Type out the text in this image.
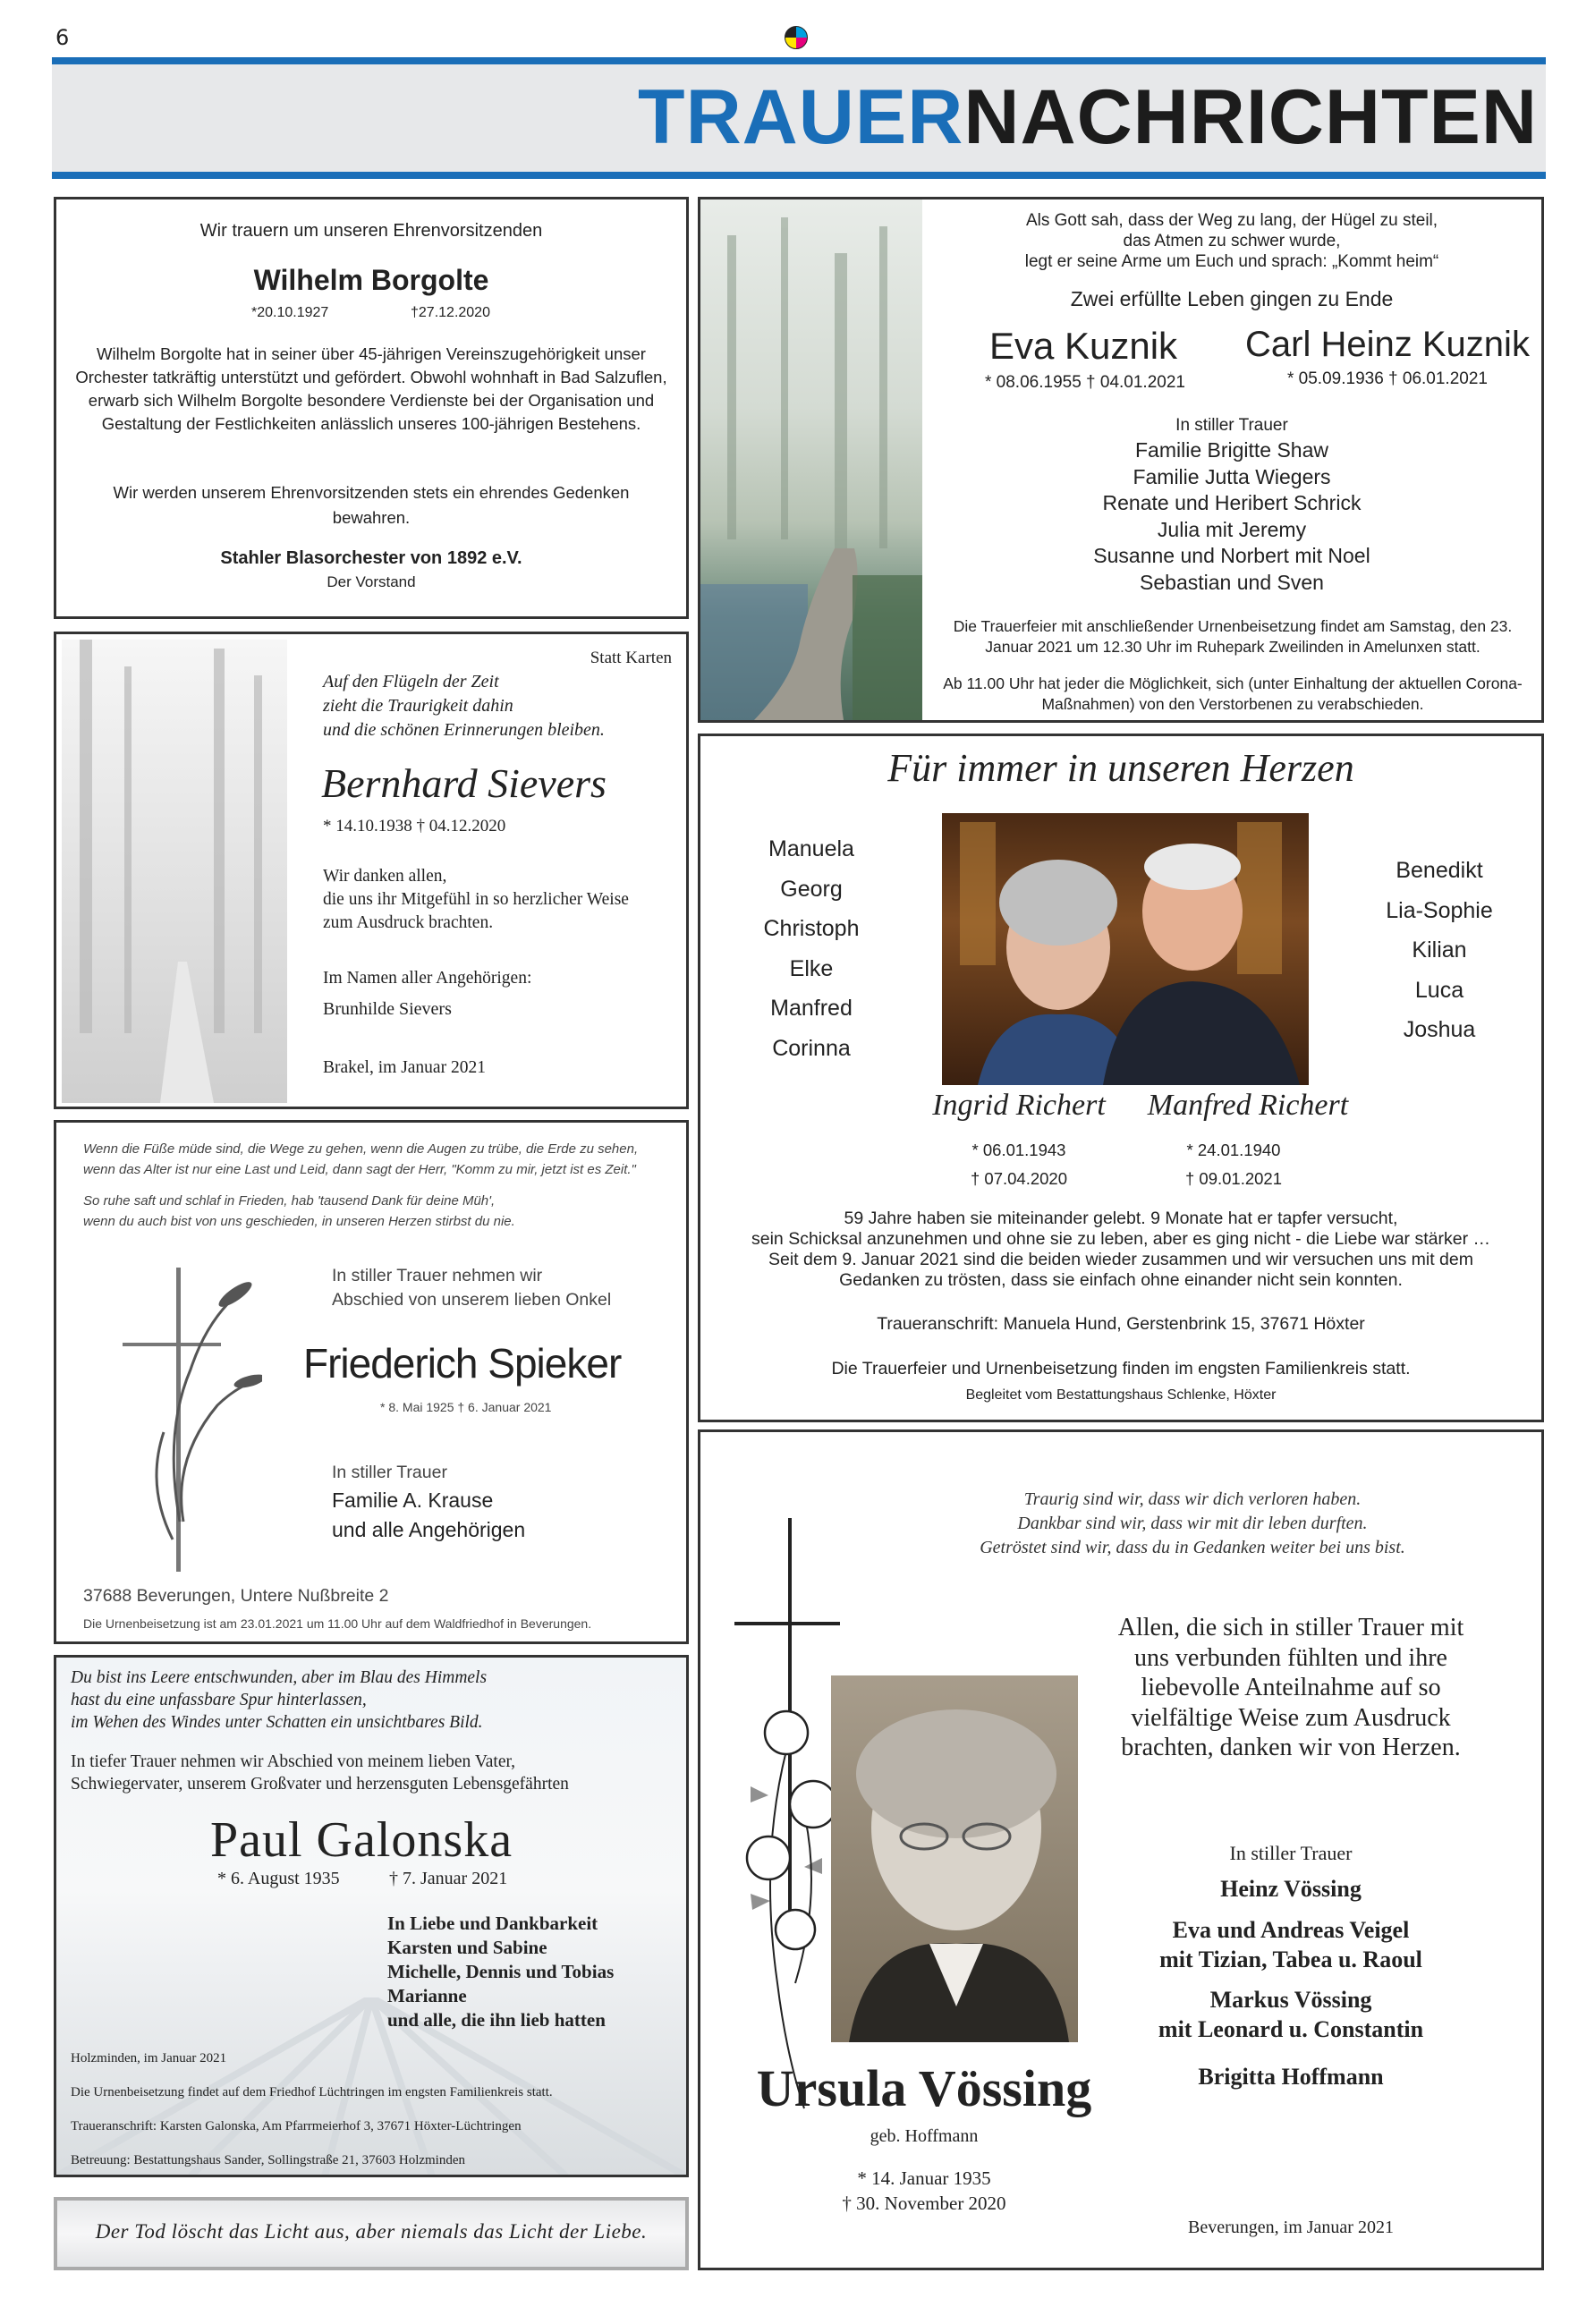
6
TRAUERNACHRICHTEN
Wir trauern um unseren Ehrenvorsitzenden
Wilhelm Borgolte
*20.10.1927	†27.12.2020
Wilhelm Borgolte hat in seiner über 45-jährigen Vereinszugehörigkeit unser Orchester tatkräftig unterstützt und gefördert. Obwohl wohnhaft in Bad Salzuflen, erwarb sich Wilhelm Borgolte besondere Verdienste bei der Organisation und Gestaltung der Festlichkeiten anlässlich unseres 100-jährigen Bestehens.
Wir werden unserem Ehrenvorsitzenden stets ein ehrendes Gedenken bewahren.
Stahler Blasorchester von 1892 e.V.
Der Vorstand

Als Gott sah, dass der Weg zu lang, der Hügel zu steil,

das Atmen zu schwer wurde,

legt er seine Arme um Euch und sprach: „Kommt heim“

Zwei erfüllte Leben gingen zu Ende
Eva Kuznik
* 08.06.1955 † 04.01.2021
Carl Heinz Kuznik
* 05.09.1936 † 06.01.2021
In stiller Trauer

Familie Brigitte Shaw

Familie Jutta Wiegers

Renate und Heribert Schrick

Julia mit Jeremy

Susanne und Norbert mit Noel

Sebastian und Sven

Die Trauerfeier mit anschließender Urnenbeisetzung findet am Samstag, den 23. Januar 2021 um 12.30 Uhr im Ruhepark Zweilinden in Amelunxen statt.
Ab 11.00 Uhr hat jeder die Möglichkeit, sich (unter Einhaltung der aktuellen Corona-Maßnahmen) von den Verstorbenen zu verabschieden.
Statt Karten

Auf den Flügeln der Zeit

zieht die Traurigkeit dahin

und die schönen Erinnerungen bleiben.

Bernhard Sievers
* 14.10.1938 † 04.12.2020

Wir danken allen,

die uns ihr Mitgefühl in so herzlicher Weise

zum Ausdruck brachten.

Im Namen aller Angehörigen:
Brunhilde Sievers
Brakel, im Januar 2021
Für immer in unseren Herzen

Manuela

Georg

Christoph

Elke

Manfred

Corinna

Benedikt

Lia-Sophie

Kilian

Luca

Joshua

Ingrid Richert	Manfred Richert
* 06.01.1943
† 07.04.2020
* 24.01.1940
† 09.01.2021

59 Jahre haben sie miteinander gelebt. 9 Monate hat er tapfer versucht,

sein Schicksal anzunehmen und ohne sie zu leben, aber es ging nicht - die Liebe war stärker …

Seit dem 9. Januar 2021 sind die beiden wieder zusammen und wir versuchen uns mit dem

Gedanken zu trösten, dass sie einfach ohne einander nicht sein konnten.

Traueranschrift: Manuela Hund, Gerstenbrink 15, 37671 Höxter
Die Trauerfeier und Urnenbeisetzung finden im engsten Familienkreis statt.
Begleitet vom Bestattungshaus Schlenke, Höxter

Wenn die Füße müde sind, die Wege zu gehen, wenn die Augen zu trübe, die Erde zu sehen,

wenn das Alter ist nur eine Last und Leid, dann sagt der Herr, "Komm zu mir, jetzt ist es Zeit."

So ruhe saft und schlaf in Frieden, hab 'tausend Dank für deine Müh',

wenn du auch bist von uns geschieden, in unseren Herzen stirbst du nie.

In stiller Trauer nehmen wir

Abschied von unserem lieben Onkel

Friederich Spieker
* 8. Mai 1925 † 6. Januar 2021
In stiller Trauer

Familie A. Krause

und alle Angehörigen

37688 Beverungen, Untere Nußbreite 2
Die Urnenbeisetzung ist am 23.01.2021 um 11.00 Uhr auf dem Waldfriedhof in Beverungen.

Traurig sind wir, dass wir dich verloren haben.

Dankbar sind wir, dass wir mit dir leben durften.

Getröstet sind wir, dass du in Gedanken weiter bei uns bist.

Allen, die sich in stiller Trauer mit

uns verbunden fühlten und ihre

liebevolle Anteilnahme auf so

vielfältige Weise zum Ausdruck

brachten, danken wir von Herzen.

In stiller Trauer
Heinz Vössing

Eva und Andreas Veigel

mit Tizian, Tabea u. Raoul

Markus Vössing

mit Leonard u. Constantin

Brigitta Hoffmann
Ursula Vössing
geb. Hoffmann
* 14. Januar 1935
† 30. November 2020
Beverungen, im Januar 2021

Du bist ins Leere entschwunden, aber im Blau des Himmels

hast du eine unfassbare Spur hinterlassen,

im Wehen des Windes unter Schatten ein unsichtbares Bild.

In tiefer Trauer nehmen wir Abschied von meinem lieben Vater,

Schwiegervater, unserem Großvater und herzensguten Lebensgefährten

Paul Galonska
* 6. August 1935	† 7. Januar 2021

In Liebe und Dankbarkeit

Karsten und Sabine

Michelle, Dennis und Tobias

Marianne

und alle, die ihn lieb hatten

Holzminden, im Januar 2021
Die Urnenbeisetzung findet auf dem Friedhof Lüchtringen im engsten Familienkreis statt.
Traueranschrift: Karsten Galonska, Am Pfarrmeierhof 3, 37671 Höxter-Lüchtringen
Betreuung: Bestattungshaus Sander, Sollingstraße 21, 37603 Holzminden
Der Tod löscht das Licht aus, aber niemals das Licht der Liebe.
